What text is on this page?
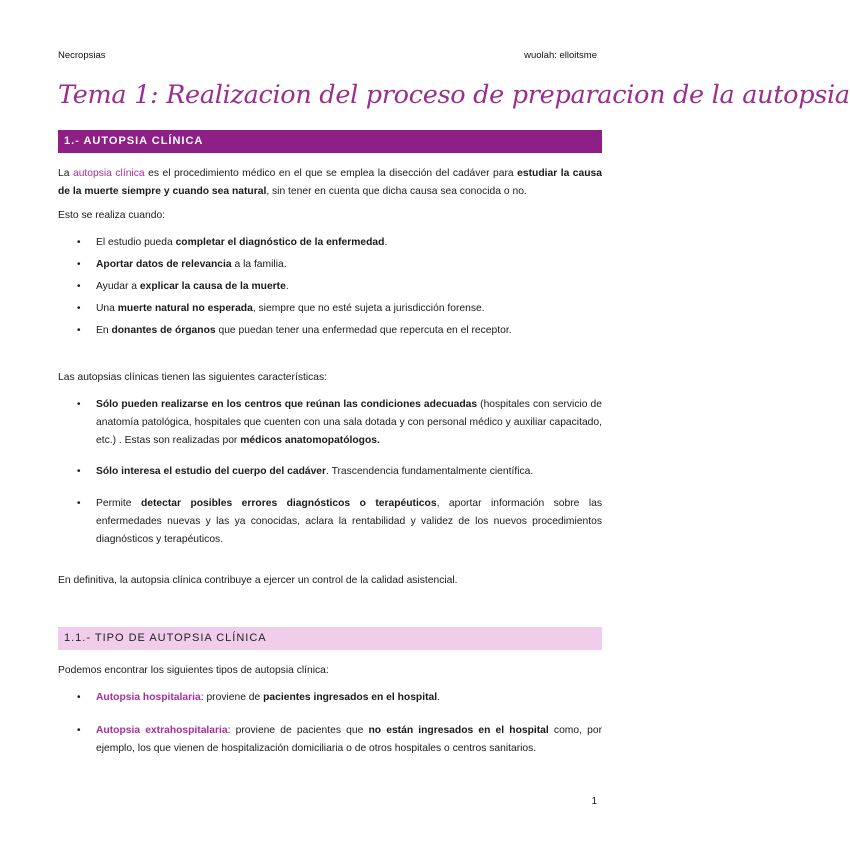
Necropsias	wuolah: elloitsme
Tema 1: Realizacion del proceso de preparacion de la autopsia
1.- AUTOPSIA CLÍNICA
La autopsia clínica es el procedimiento médico en el que se emplea la disección del cadáver para estudiar la causa de la muerte siempre y cuando sea natural, sin tener en cuenta que dicha causa sea conocida o no.
Esto se realiza cuando:
• El estudio pueda completar el diagnóstico de la enfermedad.
• Aportar datos de relevancia a la familia.
• Ayudar a explicar la causa de la muerte.
• Una muerte natural no esperada, siempre que no esté sujeta a jurisdicción forense.
• En donantes de órganos que puedan tener una enfermedad que repercuta en el receptor.
Las autopsias clínicas tienen las siguientes características:
• Sólo pueden realizarse en los centros que reúnan las condiciones adecuadas (hospitales con servicio de anatomía patológica, hospitales que cuenten con una sala dotada y con personal médico y auxiliar capacitado, etc.) . Estas son realizadas por médicos anatomopatólogos.
• Sólo interesa el estudio del cuerpo del cadáver. Trascendencia fundamentalmente científica.
• Permite detectar posibles errores diagnósticos o terapéuticos, aportar información sobre las enfermedades nuevas y las ya conocidas, aclara la rentabilidad y validez de los nuevos procedimientos diagnósticos y terapéuticos.
En definitiva, la autopsia clínica contribuye a ejercer un control de la calidad asistencial.
1.1.- TIPO DE AUTOPSIA CLÍNICA
Podemos encontrar los siguientes tipos de autopsia clínica:
• Autopsia hospitalaria: proviene de pacientes ingresados en el hospital.
• Autopsia extrahospitalaria: proviene de pacientes que no están ingresados en el hospital como, por ejemplo, los que vienen de hospitalización domiciliaria o de otros hospitales o centros sanitarios.
1
